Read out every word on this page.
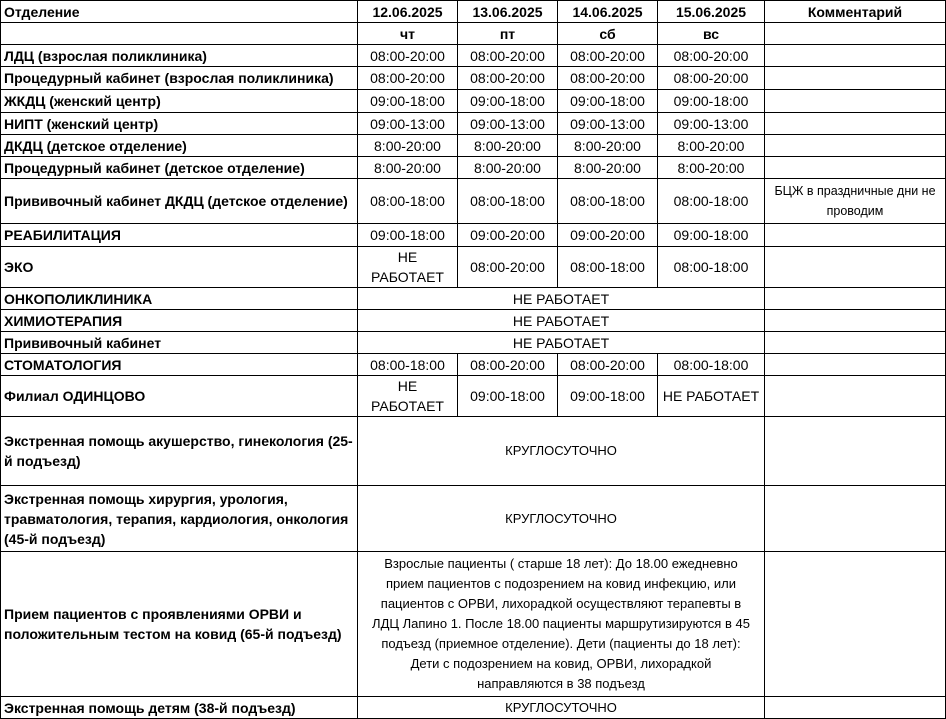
Отделение	12.06.2025	13.06.2025	14.06.2025	15.06.2025	Комментарий
	чт	пт	сб	вс	
ЛДЦ (взрослая поликлиника)	08:00-20:00	08:00-20:00	08:00-20:00	08:00-20:00	
Процедурный кабинет (взрослая поликлиника)	08:00-20:00	08:00-20:00	08:00-20:00	08:00-20:00	
ЖКДЦ (женский центр)	09:00-18:00	09:00-18:00	09:00-18:00	09:00-18:00	
НИПТ (женский центр)	09:00-13:00	09:00-13:00	09:00-13:00	09:00-13:00	
ДКДЦ (детское отделение)	8:00-20:00	8:00-20:00	8:00-20:00	8:00-20:00	
Процедурный кабинет (детское отделение)	8:00-20:00	8:00-20:00	8:00-20:00	8:00-20:00	
Прививочный кабинет ДКДЦ (детское отделение)	08:00-18:00	08:00-18:00	08:00-18:00	08:00-18:00	БЦЖ в праздничные дни не проводим
РЕАБИЛИТАЦИЯ	09:00-18:00	09:00-20:00	09:00-20:00	09:00-18:00	
ЭКО	НЕ РАБОТАЕТ	08:00-20:00	08:00-18:00	08:00-18:00	
ОНКОПОЛИКЛИНИКА	НЕ РАБОТАЕТ				
ХИМИОТЕРАПИЯ	НЕ РАБОТАЕТ				
Прививочный кабинет	НЕ РАБОТАЕТ				
СТОМАТОЛОГИЯ	08:00-18:00	08:00-20:00	08:00-20:00	08:00-18:00	
Филиал ОДИНЦОВО	НЕ РАБОТАЕТ	09:00-18:00	09:00-18:00	НЕ РАБОТАЕТ	
Экстренная помощь акушерство, гинекология (25-й подъезд)	КРУГЛОСУТОЧНО				
Экстренная помощь хирургия, урология, травматология, терапия, кардиология, онкология (45-й подъезд)	КРУГЛОСУТОЧНО				
Прием пациентов с проявлениями ОРВИ и положительным тестом на ковид (65-й подъезд)	Взрослые пациенты ( старше 18 лет): До 18.00 ежедневно прием пациентов с подозрением на ковид инфекцию, или пациентов с ОРВИ, лихорадкой осуществляют терапевты в ЛДЦ Лапино 1. После 18.00 пациенты маршрутизируются в 45 подъезд (приемное отделение). Дети (пациенты до 18 лет): Дети с подозрением на ковид, ОРВИ, лихорадкой направляются в 38 подъезд				
Экстренная помощь детям (38-й подъезд)	КРУГЛОСУТОЧНО				
